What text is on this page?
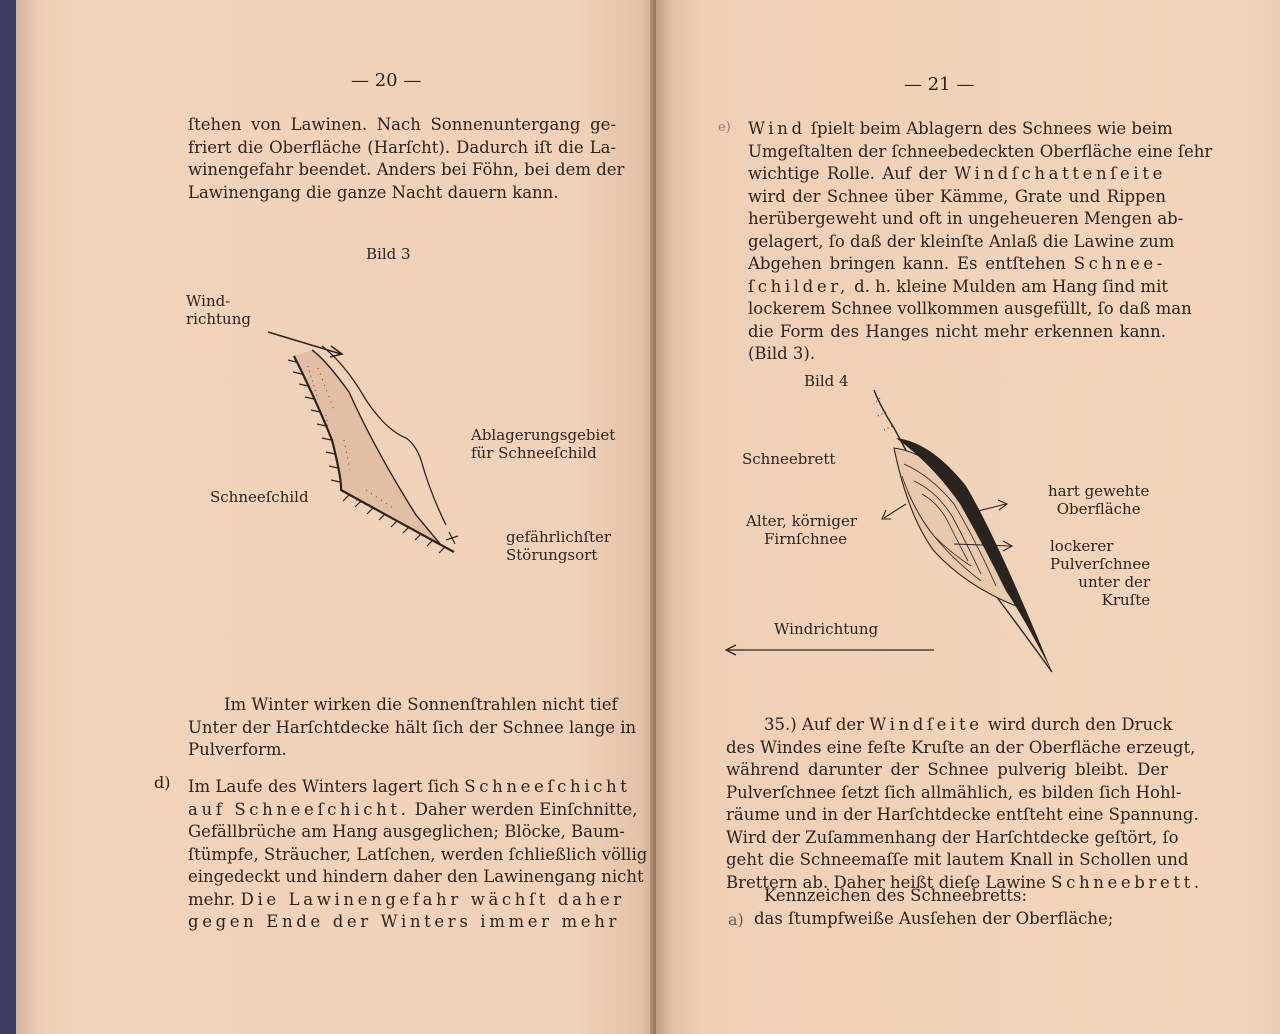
— 20 —
ſtehen von Lawinen. Nach Sonnenuntergang ge-
friert die Oberfläche (Harſcht). Dadurch iſt die La-
winengefahr beendet. Anders bei Föhn, bei dem der
Lawinengang die ganze Nacht dauern kann.
Bild 3
Wind-
richtung
Ablagerungsgebiet
für Schneeſchild
Schneeſchild
gefährlichſter
Störungsort
Im Winter wirken die Sonnenſtrahlen nicht tief
Unter der Harſchtdecke hält ſich der Schnee lange in
Pulverform.
d) Im Laufe des Winters lagert ſich Schneeſchicht
auf Schneeſchicht. Daher werden Einſchnitte,
Gefällbrüche am Hang ausgeglichen; Blöcke, Baum-
ſtümpfe, Sträucher, Latſchen, werden ſchließlich völlig
eingedeckt und hindern daher den Lawinengang nicht
mehr. Die Lawinengefahr wächſt daher
gegen Ende der Winters immer mehr
— 21 —
e) Wind ſpielt beim Ablagern des Schnees wie beim
Umgeſtalten der ſchneebedeckten Oberfläche eine ſehr
wichtige Rolle. Auf der Windſchattenſeite
wird der Schnee über Kämme, Grate und Rippen
herübergeweht und oft in ungeheueren Mengen ab-
gelagert, ſo daß der kleinſte Anlaß die Lawine zum
Abgehen bringen kann. Es entſtehen Schnee-
ſchilder, d. h. kleine Mulden am Hang ſind mit
lockerem Schnee vollkommen ausgefüllt, ſo daß man
die Form des Hanges nicht mehr erkennen kann.
(Bild 3).
Bild 4
Schneebrett
hart gewehte
Oberfläche
Alter, körniger
Firnſchnee	lockerer
Pulverſchnee
unter der
Kruſte
Windrichtung
35.) Auf der Windſeite wird durch den Druck
des Windes eine feſte Kruſte an der Oberfläche erzeugt,
während darunter der Schnee pulverig bleibt. Der
Pulverſchnee ſetzt ſich allmählich, es bilden ſich Hohl-
räume und in der Harſchtdecke entſteht eine Spannung.
Wird der Zuſammenhang der Harſchtdecke geſtört, ſo
geht die Schneemaſſe mit lautem Knall in Schollen und
Brettern ab. Daher heißt dieſe Lawine Schneebrett.
Kennzeichen des Schneebretts:
a) das ſtumpfweiße Ausſehen der Oberfläche;
